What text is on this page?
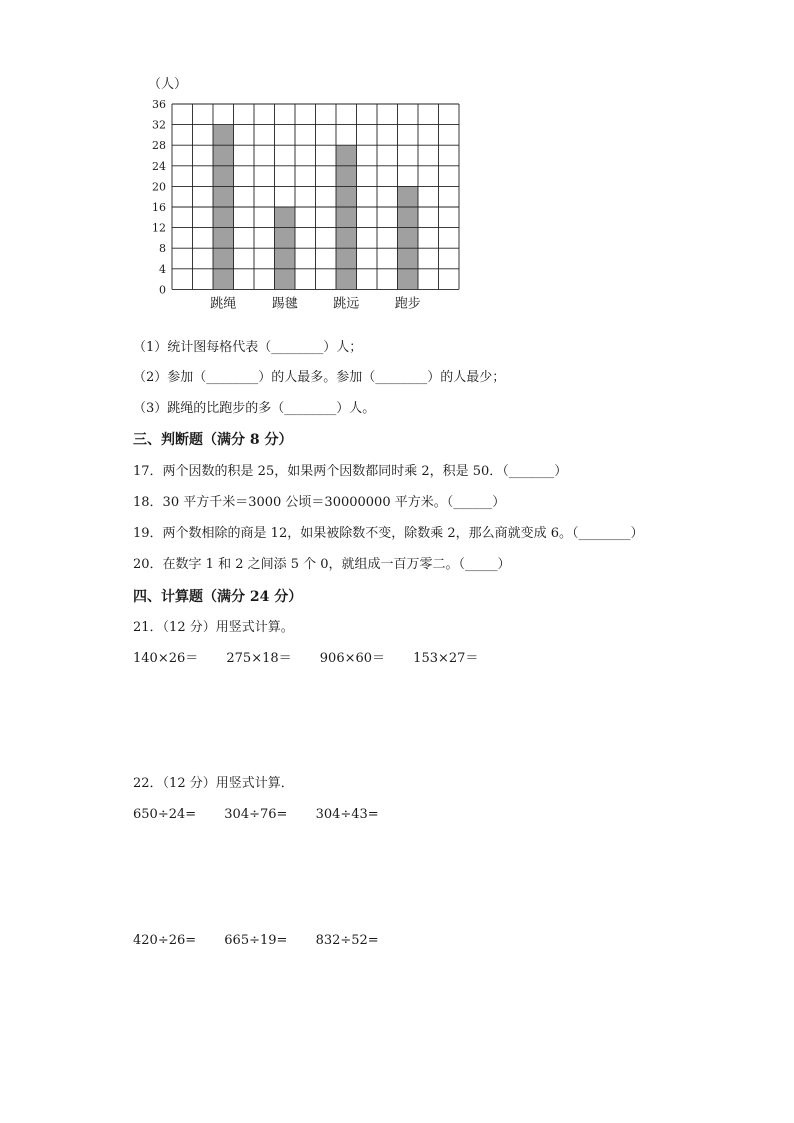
（人）
0
4
8
12
16
20
24
28
32
36
跳绳	踢毽	跳远	跑步
（1）统计图每格代表（________）人；
（2）参加（________）的人最多。参加（________）的人最少；
（3）跳绳的比跑步的多（________）人。
三、判断题（满分 8 分）
17．两个因数的积是 25，如果两个因数都同时乘 2，积是 50．（_______）
18．30 平方千米＝3000 公顷＝30000000 平方米。（______）
19．两个数相除的商是 12，如果被除数不变，除数乘 2，那么商就变成 6。（________）
20．在数字 1 和 2 之间添 5 个 0，就组成一百万零二。（_____）
四、计算题（满分 24 分）
21．（12 分）用竖式计算。
140×26＝ 275×18＝ 906×60＝ 153×27＝
22．（12 分）用竖式计算．
650÷24= 304÷76= 304÷43=
420÷26= 665÷19= 832÷52=
